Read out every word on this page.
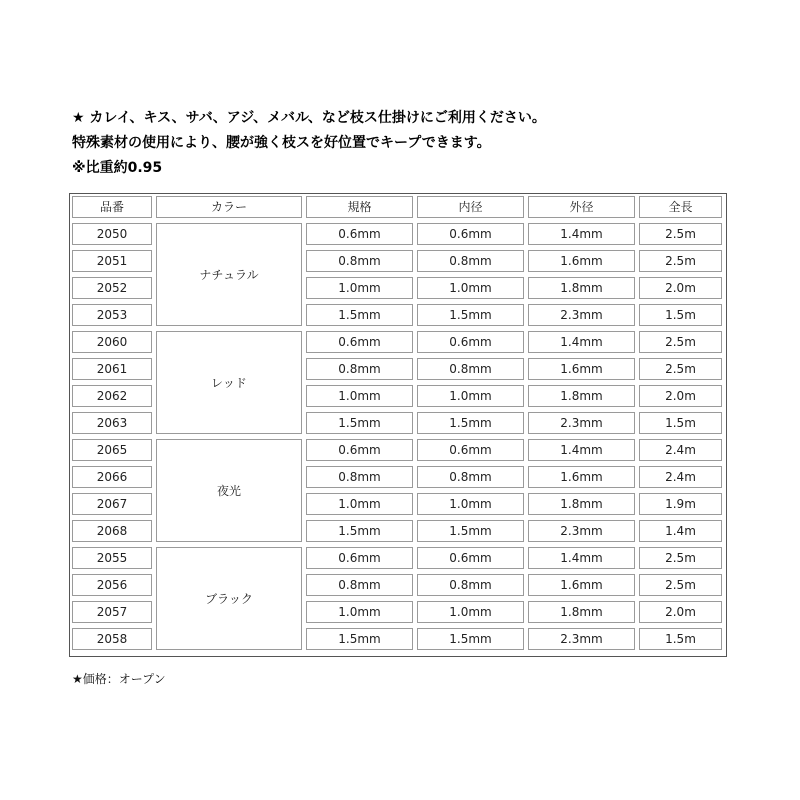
★ カレイ、キス、サバ、アジ、メバル、など枝ス仕掛けにご利用ください。
特殊素材の使用により、腰が強く枝スを好位置でキープできます。
※比重約0.95
品番	カラー	規格	内径	外径	全長
2050	ナチュラル	0.6mm	0.6mm	1.4mm	2.5m
2051		0.8mm	0.8mm	1.6mm	2.5m
2052		1.0mm	1.0mm	1.8mm	2.0m
2053		1.5mm	1.5mm	2.3mm	1.5m
2060	レッド	0.6mm	0.6mm	1.4mm	2.5m
2061		0.8mm	0.8mm	1.6mm	2.5m
2062		1.0mm	1.0mm	1.8mm	2.0m
2063		1.5mm	1.5mm	2.3mm	1.5m
2065	夜光	0.6mm	0.6mm	1.4mm	2.4m
2066		0.8mm	0.8mm	1.6mm	2.4m
2067		1.0mm	1.0mm	1.8mm	1.9m
2068		1.5mm	1.5mm	2.3mm	1.4m
2055	ブラック	0.6mm	0.6mm	1.4mm	2.5m
2056		0.8mm	0.8mm	1.6mm	2.5m
2057		1.0mm	1.0mm	1.8mm	2.0m
2058		1.5mm	1.5mm	2.3mm	1.5m
★価格：オープン
